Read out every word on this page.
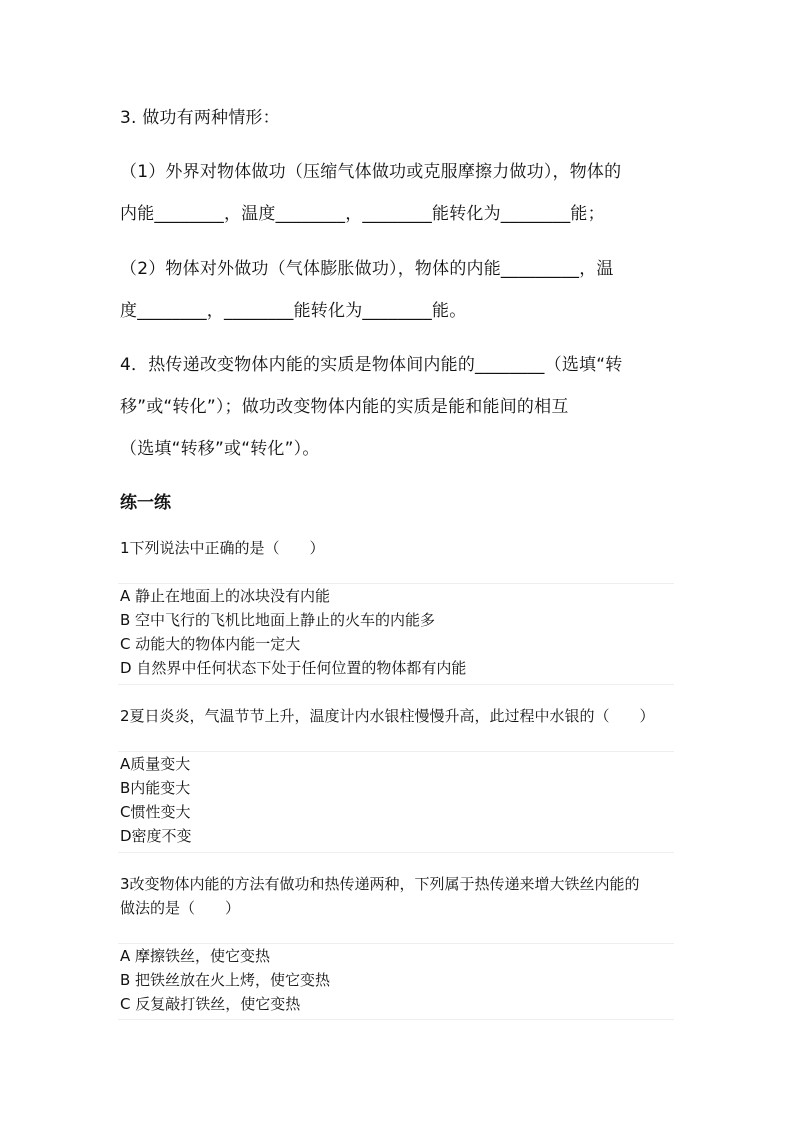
3. 做功有两种情形：
（1）外界对物体做功（压缩气体做功或克服摩擦力做功），物体的
内能________，温度________，________能转化为________能；
（2）物体对外做功（气体膨胀做功），物体的内能_________，温
度________，________能转化为________能。
4．热传递改变物体内能的实质是物体间内能的________（选填“转
移”或“转化”）；做功改变物体内能的实质是能和能间的相互
（选填“转移”或“转化”）。
练一练
1下列说法中正确的是（　　）
A 静止在地面上的冰块没有内能
B 空中飞行的飞机比地面上静止的火车的内能多
C 动能大的物体内能一定大
D 自然界中任何状态下处于任何位置的物体都有内能
2夏日炎炎，气温节节上升，温度计内水银柱慢慢升高，此过程中水银的（　　）
A质量变大
B内能变大
C惯性变大
D密度不变
3改变物体内能的方法有做功和热传递两种，下列属于热传递来增大铁丝内能的
做法的是（　　）
A 摩擦铁丝，使它变热
B 把铁丝放在火上烤，使它变热
C 反复敲打铁丝，使它变热
